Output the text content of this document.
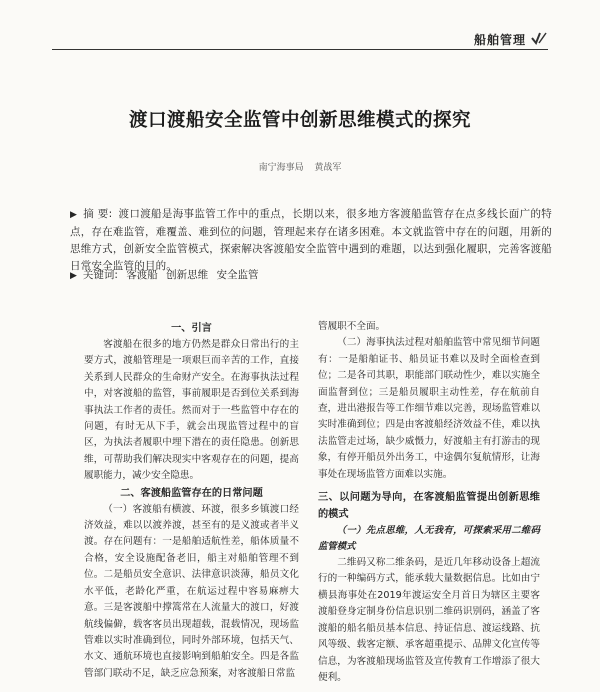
船舶管理
渡口渡船安全监管中创新思维模式的探究
南宁海事局 黄战军
▶ 摘 要: 渡口渡船是海事监管工作中的重点，长期以来，很多地方客渡船监管存在点多线长面广的特点，存在难监管，难覆盖、难到位的问题，管理起来存在诸多困难。本文就监管中存在的问题，用新的思维方式，创新安全监管模式，探索解决客渡船安全监管中遇到的难题，以达到强化履职，完善客渡船日常安全监管的目的。
▶ 关键词: 客渡船 创新思维 安全监管
一、引言

客渡船在很多的地方仍然是群众日常出行的主要方式，渡船管理是一项艰巨而辛苦的工作，直接关系到人民群众的生命财产安全。在海事执法过程中，对客渡船的监管，事前履职是否到位关系到海事执法工作者的责任。然而对于一些监管中存在的问题，有时无从下手，就会出现监管过程中的盲区，为执法者履职中埋下潜在的责任隐患。创新思维，可帮助我们解决现实中客观存在的问题，提高履职能力，减少安全隐患。

二、客渡船监管存在的日常问题

（一）客渡船有横渡、环渡，很多乡镇渡口经济效益，难以以渡养渡，甚至有的是义渡或者半义渡。存在问题有：一是船舶适航性差，船体质量不合格，安全设施配备老旧，船主对船舶管理不到位。二是船员安全意识、法律意识淡薄，船员文化水平低，老龄化严重，在航运过程中容易麻痹大意。三是客渡船中撑篙常在人流量大的渡口，好渡航线偏僻，载客客员出现超载，混载情况，现场监管难以实时准确到位，同时外部环境，包括天气、水文、通航环境也直接影响到船舶安全。四是各监管部门联动不足，缺乏应急预案，对客渡船日常监

管履职不全面。

（二）海事执法过程对船舶监管中常见细节问题有：一是船舶证书、船员证书难以及时全面检查到位；二是各司其职，职能部门联动性少，难以实施全面监督到位；三是船员履职主动性差，存在航前自查，进出港报告等工作细节难以完善，现场监管难以实时准确到位；四是由客渡船经济效益不佳，难以执法监管走过场，缺少威慑力，好渡船主有打游击的现象，有停开船员外出务工，中途偶尔复航情形，让海事处在现场监管方面难以实施。

三、以问题为导向，在客渡船监管提出创新思维的模式
（一）先点思维，人无我有，可探索采用二维码监管模式

二维码又称二维条码，是近几年移动设备上超流行的一种编码方式，能承载大量数据信息。比如由宁横县海事处在2019年渡运安全月首日为辖区主要客渡船登身定制身份信息识别二维码识别码，涵盖了客渡船的船名船员基本信息、持证信息、渡运线路、抗风等级、载客定额、承客超重提示、品牌文化宣传等信息，为客渡船现场监管及宣传教育工作增添了很大便利。
